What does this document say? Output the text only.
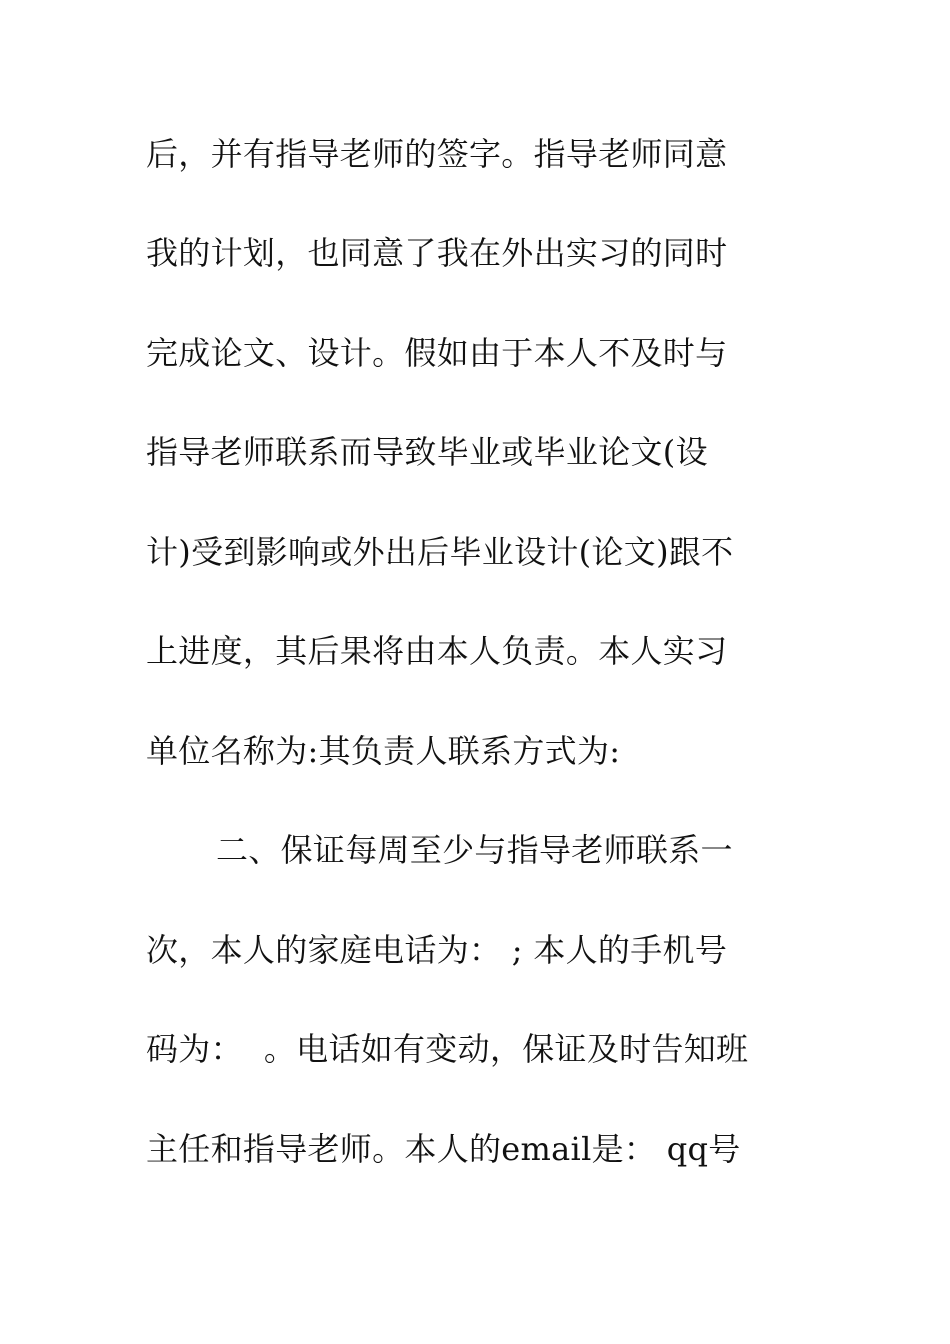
后，并有指导老师的签字。指导老师同意
我的计划，也同意了我在外出实习的同时
完成论文、设计。假如由于本人不及时与
指导老师联系而导致毕业或毕业论文(设
计)受到影响或外出后毕业设计(论文)跟不
上进度，其后果将由本人负责。本人实习
单位名称为:其负责人联系方式为:
二、保证每周至少与指导老师联系一
次，本人的家庭电话为： ; 本人的手机号
码为：  。电话如有变动，保证及时告知班
主任和指导老师。本人的email是： qq号
